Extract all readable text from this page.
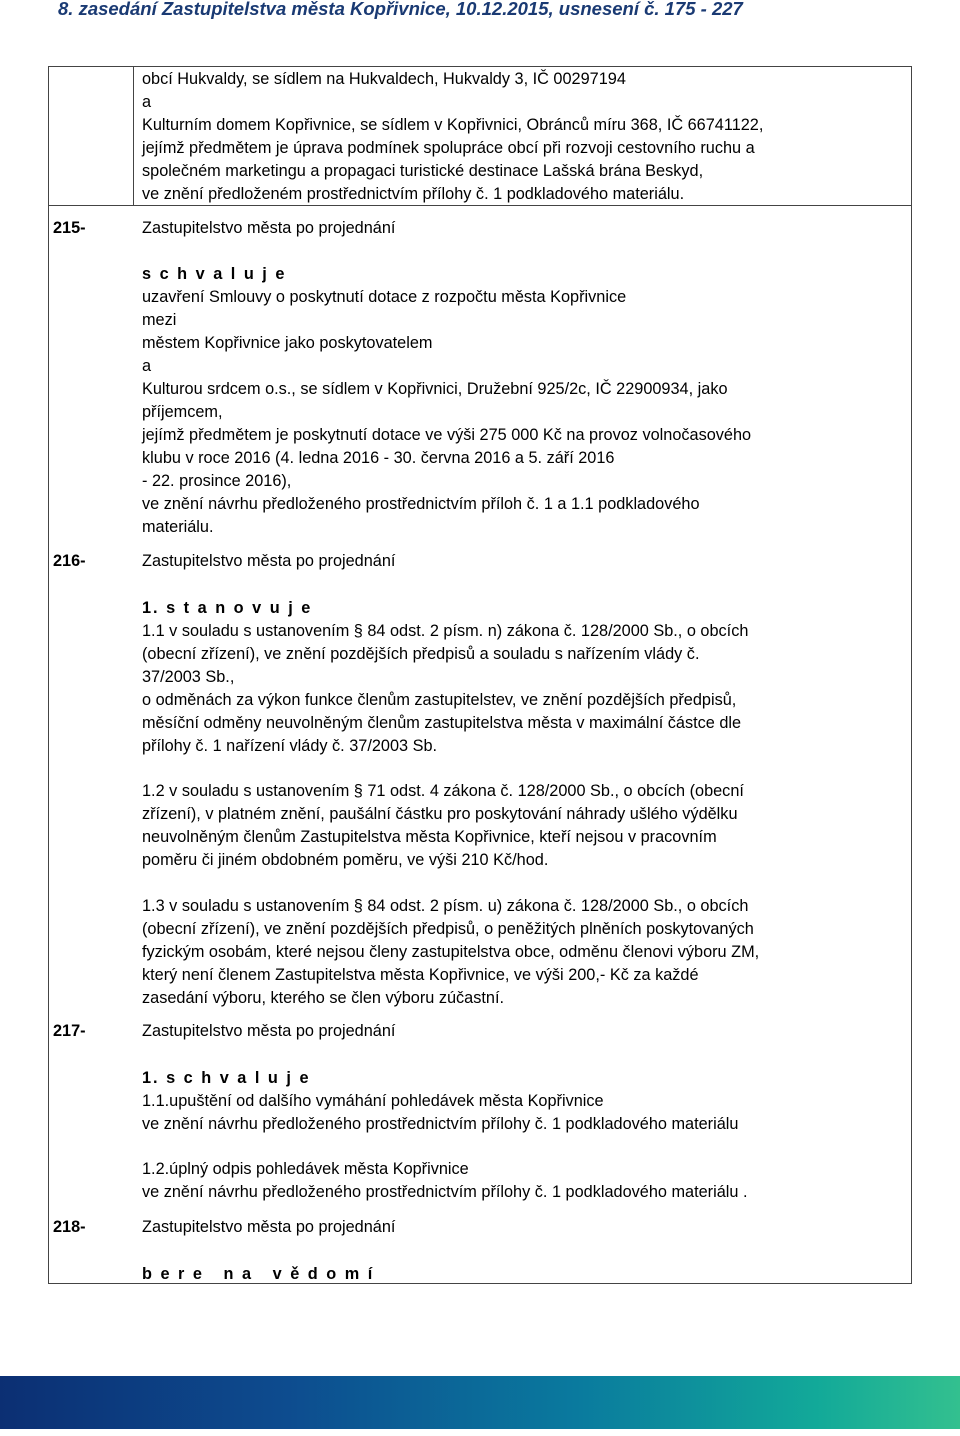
8. zasedání Zastupitelstva města Kopřivnice, 10.12.2015, usnesení č. 175 - 227
obcí Hukvaldy, se sídlem na Hukvaldech, Hukvaldy 3, IČ 00297194
a
Kulturním domem Kopřivnice, se sídlem v Kopřivnici, Obránců míru 368, IČ 66741122,
jejímž předmětem je úprava podmínek spolupráce obcí při rozvoji cestovního ruchu a
společném marketingu a propagaci turistické destinace Lašská brána Beskyd,
ve znění předloženém prostřednictvím přílohy č. 1 podkladového materiálu.
215-	Zastupitelstvo města po projednání
s c h v a l u j e
uzavření Smlouvy o poskytnutí dotace z rozpočtu města Kopřivnice
mezi
městem Kopřivnice jako poskytovatelem
a
Kulturou srdcem o.s., se sídlem v Kopřivnici, Družební 925/2c, IČ 22900934, jako
příjemcem,
jejímž předmětem je poskytnutí dotace ve výši 275 000 Kč na provoz volnočasového
klubu v roce 2016 (4. ledna 2016 - 30. června 2016 a 5. září 2016
- 22. prosince 2016),
ve znění návrhu předloženého prostřednictvím příloh č. 1 a 1.1 podkladového
materiálu.
216-	Zastupitelstvo města po projednání
1. s t a n o v u j e
1.1 v souladu s ustanovením § 84 odst. 2 písm. n) zákona č. 128/2000 Sb., o obcích
(obecní zřízení), ve znění pozdějších předpisů a souladu s nařízením vlády č.
37/2003 Sb.,
o odměnách za výkon funkce členům zastupitelstev, ve znění pozdějších předpisů,
měsíční odměny neuvolněným členům zastupitelstva města v maximální částce dle
přílohy č. 1 nařízení vlády č. 37/2003 Sb.
1.2 v souladu s ustanovením § 71 odst. 4 zákona č. 128/2000 Sb., o obcích (obecní
zřízení), v platném znění, paušální částku pro poskytování náhrady ušlého výdělku
neuvolněným členům Zastupitelstva města Kopřivnice, kteří nejsou v pracovním
poměru či jiném obdobném poměru, ve výši 210 Kč/hod.
1.3 v souladu s ustanovením § 84 odst. 2 písm. u) zákona č. 128/2000 Sb., o obcích
(obecní zřízení), ve znění pozdějších předpisů, o peněžitých plněních poskytovaných
fyzickým osobám, které nejsou členy zastupitelstva obce, odměnu členovi výboru ZM,
který není členem Zastupitelstva města Kopřivnice, ve výši 200,- Kč za každé
zasedání výboru, kterého se člen výboru zúčastní.
217-	Zastupitelstvo města po projednání
1. s c h v a l u j e
1.1.upuštění od dalšího vymáhání pohledávek města Kopřivnice
ve znění návrhu předloženého prostřednictvím přílohy č. 1 podkladového materiálu
1.2.úplný odpis pohledávek města Kopřivnice
ve znění návrhu předloženého prostřednictvím přílohy č. 1 podkladového materiálu .
218-	Zastupitelstvo města po projednání
b e r e   n a   v ě d o m í
